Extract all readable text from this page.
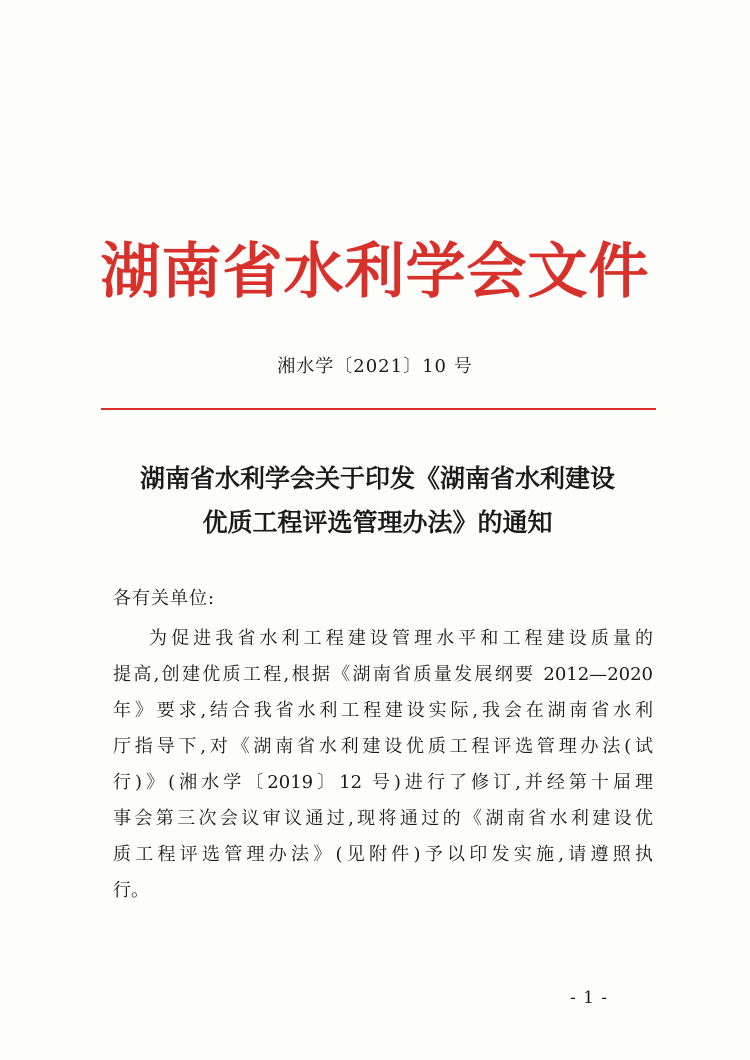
湖南省水利学会文件
湘水学〔2021〕10 号
湖南省水利学会关于印发《湖南省水利建设
优质工程评选管理办法》的通知
各有关单位:
为促进我省水利工程建设管理水平和工程建设质量的
提高,创建优质工程,根据《湖南省质量发展纲要 2012—2020
年》要求,结合我省水利工程建设实际,我会在湖南省水利
厅指导下,对《湖南省水利建设优质工程评选管理办法(试
行)》(湘水学〔2019〕12 号)进行了修订,并经第十届理
事会第三次会议审议通过,现将通过的《湖南省水利建设优
质工程评选管理办法》(见附件)予以印发实施,请遵照执
行。
- 1 -
